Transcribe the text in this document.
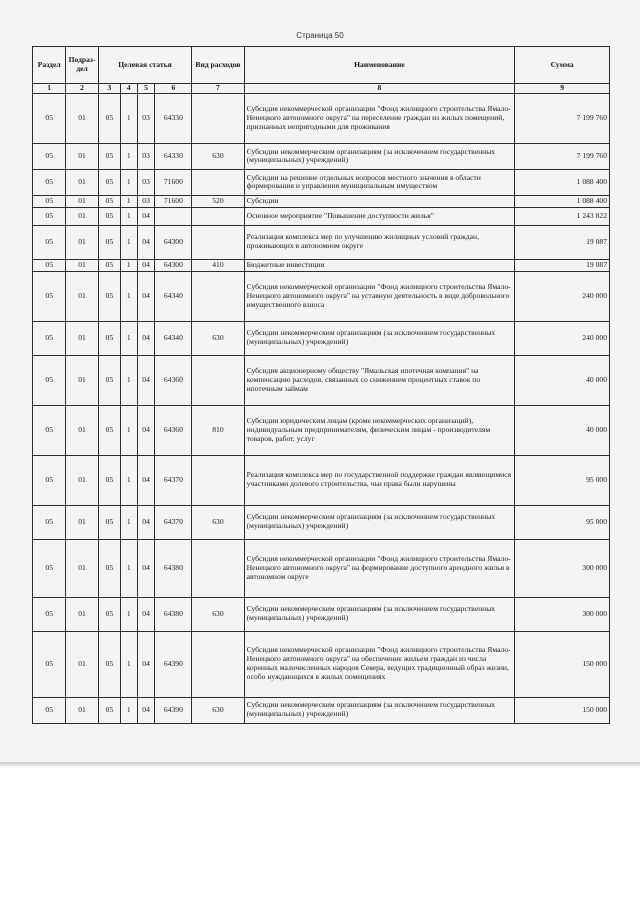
Страница 50
Раздел	Подраз-дел	Целевая статья				Вид расходов	Наименование	Сумма
1	2	3	4	5	6	7	8	9
05	01	05	1	03	64330		Субсидия некоммерческой организации "Фонд жилищного строительства Ямало-Ненецкого автономного округа" на переселение граждан из жилых помещений, признанных непригодными для проживания	7 199 760
05	01	05	1	03	64330	630	Субсидии некоммерческим организациям (за исключением государственных (муниципальных) учреждений)	7 199 760
05	01	05	1	03	71600		Субсидии на решение отдельных вопросов местного значения в области формирования и управления муниципальным имуществом	1 088 400
05	01	05	1	03	71600	520	Субсидии	1 088 400
05	01	05	1	04			Основное мероприятие "Повышение доступности жилья"	1 243 822
05	01	05	1	04	64300		Реализация комплекса мер по улучшению жилищных условий граждан, проживающих в автономном округе	19 087
05	01	05	1	04	64300	410	Бюджетные инвестиции	19 087
05	01	05	1	04	64340		Субсидия некоммерческой организации "Фонд жилищного строительства Ямало-Ненецкого автономного округа" на уставную деятельность в виде добровольного имущественного взноса	240 000
05	01	05	1	04	64340	630	Субсидии некоммерческим организациям (за исключением государственных (муниципальных) учреждений)	240 000
05	01	05	1	04	64360		Субсидия акционерному обществу "Ямальская ипотечная компания" на компенсацию расходов, связанных со снижением процентных ставок по ипотечным займам	40 000
05	01	05	1	04	64360	810	Субсидии юридическим лицам (кроме некоммерческих организаций), индивидуальным предпринимателям, физическим лицам - производителям товаров, работ, услуг	40 000
05	01	05	1	04	64370		Реализация комплекса мер по государственной поддержке граждан являющимися участниками долевого строительства, чьи права были нарушены	95 000
05	01	05	1	04	64370	630	Субсидии некоммерческим организациям (за исключением государственных (муниципальных) учреждений)	95 000
05	01	05	1	04	64380		Субсидия некоммерческой организации "Фонд жилищного строительства Ямало-Ненецкого автономного округа" на формирование доступного арендного жилья в автономном округе	300 000
05	01	05	1	04	64380	630	Субсидии некоммерческим организациям (за исключением государственных (муниципальных) учреждений)	300 000
05	01	05	1	04	64390		Субсидия некоммерческой организации "Фонд жилищного строительства Ямало-Ненецкого автономного округа" на обеспечение жильем граждан из числа коренных малочисленных народов Севера, ведущих традиционный образ жизни, особо нуждающихся в жилых помещениях	150 000
05	01	05	1	04	64390	630	Субсидии некоммерческим организациям (за исключением государственных (муниципальных) учреждений)	150 000
